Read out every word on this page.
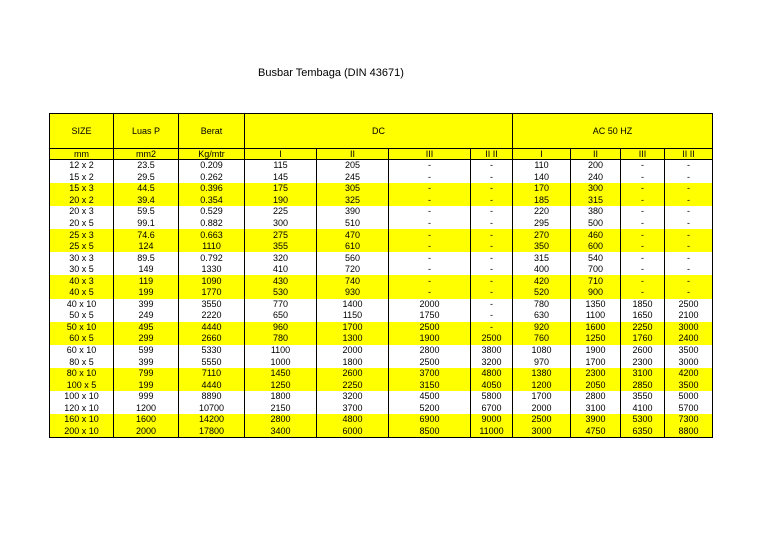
Busbar Tembaga (DIN 43671)
SIZE	Luas P	Berat	DC				AC 50 HZ			
mm	mm2	Kg/mtr	I	II	III	II II	I	II	III	II II
12 x 2	23.5	0.209	115	205	-	-	110	200	-	-
15 x 2	29.5	0.262	145	245	-	-	140	240	-	-
15 x 3	44.5	0.396	175	305	-	-	170	300	-	-
20 x 2	39.4	0.354	190	325	-	-	185	315	-	-
20 x 3	59.5	0.529	225	390	-	-	220	380	-	-
20 x 5	99.1	0.882	300	510	-	-	295	500	-	-
25 x 3	74.6	0.663	275	470	-	-	270	460	-	-
25 x 5	124	1110	355	610	-	-	350	600	-	-
30 x 3	89.5	0.792	320	560	-	-	315	540	-	-
30 x 5	149	1330	410	720	-	-	400	700	-	-
40 x 3	119	1090	430	740	-	-	420	710	-	-
40 x 5	199	1770	530	930	-	-	520	900	-	-
40 x 10	399	3550	770	1400	2000	-	780	1350	1850	2500
50 x 5	249	2220	650	1150	1750	-	630	1100	1650	2100
50 x 10	495	4440	960	1700	2500	-	920	1600	2250	3000
60 x 5	299	2660	780	1300	1900	2500	760	1250	1760	2400
60 x 10	599	5330	1100	2000	2800	3800	1080	1900	2600	3500
80 x 5	399	5550	1000	1800	2500	3200	970	1700	2300	3000
80 x 10	799	7110	1450	2600	3700	4800	1380	2300	3100	4200
100 x 5	199	4440	1250	2250	3150	4050	1200	2050	2850	3500
100 x 10	999	8890	1800	3200	4500	5800	1700	2800	3550	5000
120 x 10	1200	10700	2150	3700	5200	6700	2000	3100	4100	5700
160 x 10	1600	14200	2800	4800	6900	9000	2500	3900	5300	7300
200 x 10	2000	17800	3400	6000	8500	11000	3000	4750	6350	8800
